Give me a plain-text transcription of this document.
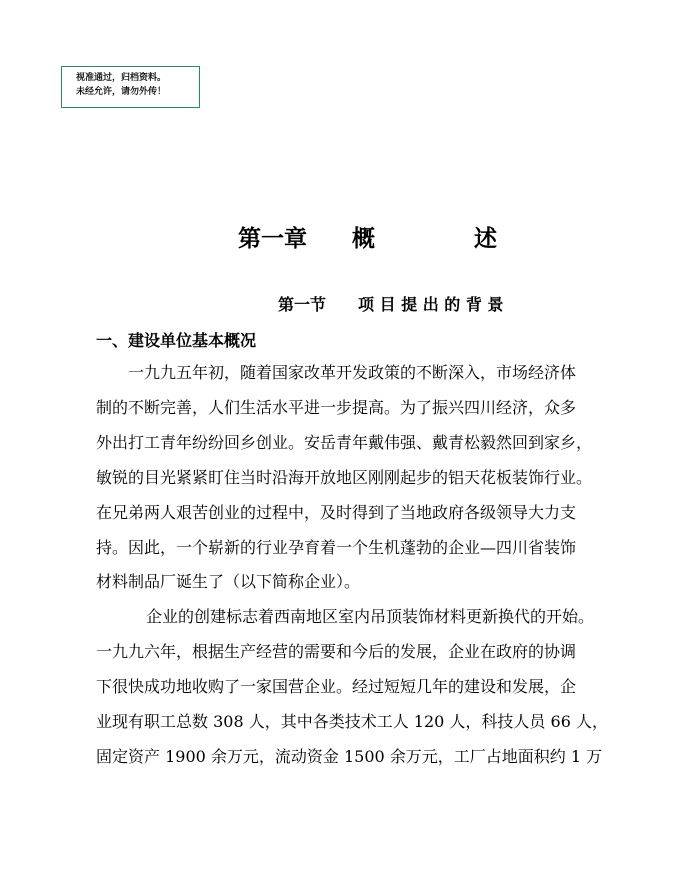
视准通过，归档资料。
未经允许，请勿外传！
第一章 概	述
第一节 项 目 提 出 的 背 景
一、建设单位基本概况
一九九五年初，随着国家改革开发政策的不断深入，市场经济体
制的不断完善，人们生活水平进一步提高。为了振兴四川经济，众多
外出打工青年纷纷回乡创业。安岳青年戴伟强、戴青松毅然回到家乡，
敏锐的目光紧紧盯住当时沿海开放地区刚刚起步的铝天花板装饰行业。
在兄弟两人艰苦创业的过程中，及时得到了当地政府各级领导大力支
持。因此，一个崭新的行业孕育着一个生机蓬勃的企业—四川省装饰
材料制品厂诞生了（以下简称企业）。
企业的创建标志着西南地区室内吊顶装饰材料更新换代的开始。
一九九六年，根据生产经营的需要和今后的发展，企业在政府的协调
下很快成功地收购了一家国营企业。经过短短几年的建设和发展，企
业现有职工总数 308 人，其中各类技术工人 120 人，科技人员 66 人，
固定资产 1900 余万元，流动资金 1500 余万元，工厂占地面积约 1 万
